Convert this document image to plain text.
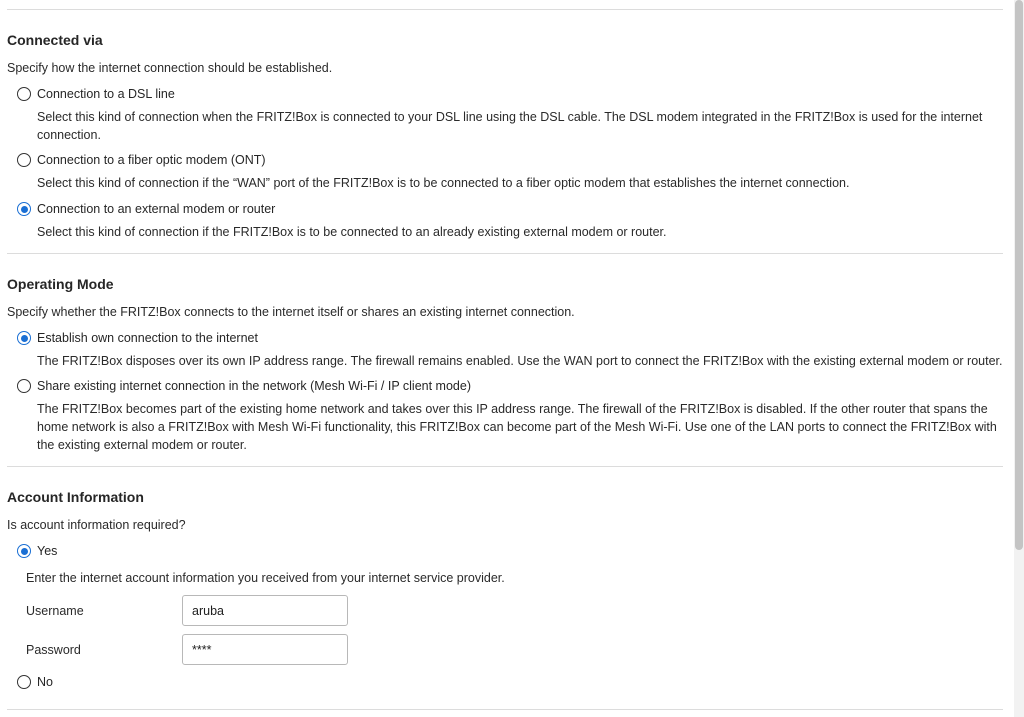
Connected via
Specify how the internet connection should be established.
Connection to a DSL line
Select this kind of connection when the FRITZ!Box is connected to your DSL line using the DSL cable. The DSL modem integrated in the FRITZ!Box is used for the internet connection.
Connection to a fiber optic modem (ONT)
Select this kind of connection if the “WAN” port of the FRITZ!Box is to be connected to a fiber optic modem that establishes the internet connection.
Connection to an external modem or router
Select this kind of connection if the FRITZ!Box is to be connected to an already existing external modem or router.
Operating Mode
Specify whether the FRITZ!Box connects to the internet itself or shares an existing internet connection.
Establish own connection to the internet
The FRITZ!Box disposes over its own IP address range. The firewall remains enabled. Use the WAN port to connect the FRITZ!Box with the existing external modem or router.
Share existing internet connection in the network (Mesh Wi-Fi / IP client mode)
The FRITZ!Box becomes part of the existing home network and takes over this IP address range. The firewall of the FRITZ!Box is disabled. If the other router that spans the home network is also a FRITZ!Box with Mesh Wi-Fi functionality, this FRITZ!Box can become part of the Mesh Wi-Fi. Use one of the LAN ports to connect the FRITZ!Box with the existing external modem or router.
Account Information
Is account information required?
Yes
Enter the internet account information you received from your internet service provider.
Username
aruba
Password
****
No
